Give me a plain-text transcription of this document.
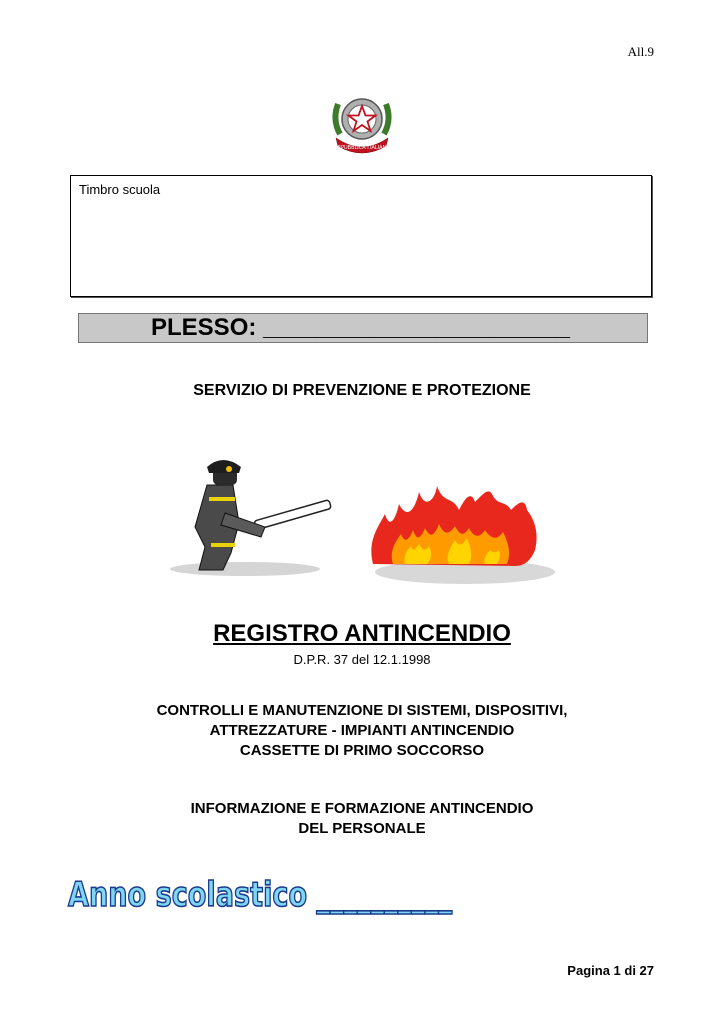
All.9
REPUBBLICA ITALIANA
Timbro scuola
PLESSO: _______________________
SERVIZIO DI PREVENZIONE E PROTEZIONE
REGISTRO ANTINCENDIO
D.P.R. 37 del 12.1.1998
CONTROLLI E MANUTENZIONE DI SISTEMI, DISPOSITIVI,
ATTREZZATURE - IMPIANTI ANTINCENDIO
CASSETTE DI PRIMO SOCCORSO
INFORMAZIONE E FORMAZIONE ANTINCENDIO
DEL PERSONALE
Anno scolastico __________
Pagina 1 di 27
